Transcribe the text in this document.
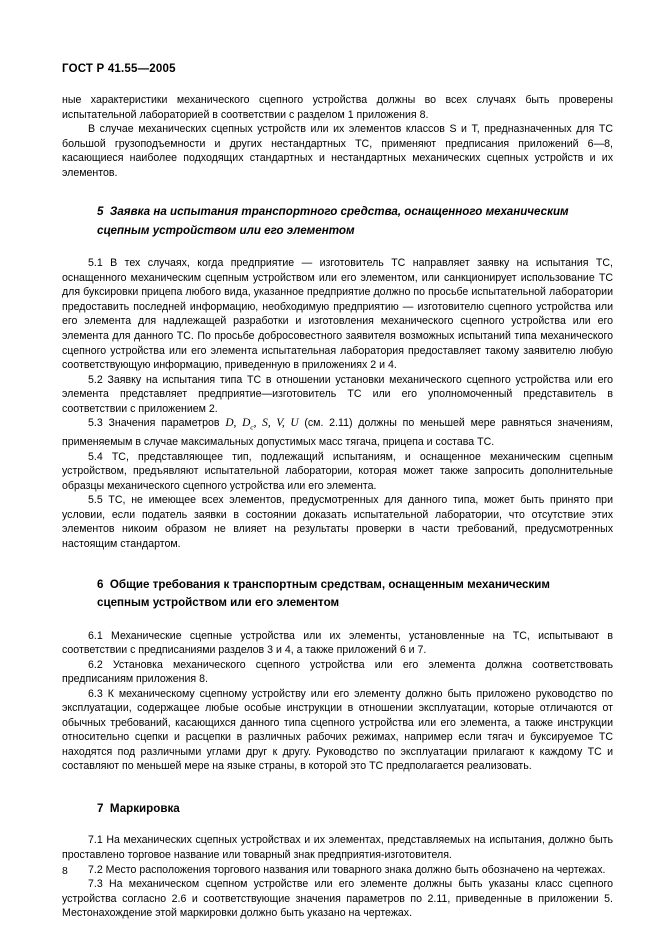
ГОСТ Р 41.55—2005

ные характеристики механического сцепного устройства должны во всех случаях быть проверены испытательной лабораторией в соответствии с разделом 1 приложения 8.

В случае механических сцепных устройств или их элементов классов S и Т, предназначенных для ТС большой грузоподъемности и других нестандартных ТС, применяют предписания приложений 6—8, касающиеся наиболее подходящих стандартных и нестандартных механических сцепных устройств и их элементов.

5 Заявка на испытания транспортного средства, оснащенного механическим сцепным устройством или его элементом

5.1 В тех случаях, когда предприятие — изготовитель ТС направляет заявку на испытания ТС, оснащенного механическим сцепным устройством или его элементом, или санкционирует использование ТС для буксировки прицепа любого вида, указанное предприятие должно по просьбе испытательной лаборатории предоставить последней информацию, необходимую предприятию — изготовителю сцепного устройства или его элемента для надлежащей разработки и изготовления механического сцепного устройства или его элемента для данного ТС. По просьбе добросовестного заявителя возможных испытаний типа механического сцепного устройства или его элемента испытательная лаборатория предоставляет такому заявителю любую соответствующую информацию, приведенную в приложениях 2 и 4.

5.2 Заявку на испытания типа ТС в отношении установки механического сцепного устройства или его элемента представляет предприятие—изготовитель ТС или его уполномоченный представитель в соответствии с приложением 2.

5.3 Значения параметров D, $D_c$, S, V, U (см. 2.11) должны по меньшей мере равняться значениям, применяемым в случае максимальных допустимых масс тягача, прицепа и состава ТС.

5.4 ТС, представляющее тип, подлежащий испытаниям, и оснащенное механическим сцепным устройством, предъявляют испытательной лаборатории, которая может также запросить дополнительные образцы механического сцепного устройства или его элемента.

5.5 ТС, не имеющее всех элементов, предусмотренных для данного типа, может быть принято при условии, если податель заявки в состоянии доказать испытательной лаборатории, что отсутствие этих элементов никоим образом не влияет на результаты проверки в части требований, предусмотренных настоящим стандартом.

6 Общие требования к транспортным средствам, оснащенным механическим сцепным устройством или его элементом

6.1 Механические сцепные устройства или их элементы, установленные на ТС, испытывают в соответствии с предписаниями разделов 3 и 4, а также приложений 6 и 7.

6.2 Установка механического сцепного устройства или его элемента должна соответствовать предписаниям приложения 8.

6.3 К механическому сцепному устройству или его элементу должно быть приложено руководство по эксплуатации, содержащее любые особые инструкции в отношении эксплуатации, которые отличаются от обычных требований, касающихся данного типа сцепного устройства или его элемента, а также инструкции относительно сцепки и расцепки в различных рабочих режимах, например если тягач и буксируемое ТС находятся под различными углами друг к другу. Руководство по эксплуатации прилагают к каждому ТС и составляют по меньшей мере на языке страны, в которой это ТС предполагается реализовать.

7 Маркировка

7.1 На механических сцепных устройствах и их элементах, представляемых на испытания, должно быть проставлено торговое название или товарный знак предприятия-изготовителя.

7.2 Место расположения торгового названия или товарного знака должно быть обозначено на чертежах.

7.3 На механическом сцепном устройстве или его элементе должны быть указаны класс сцепного устройства согласно 2.6 и соответствующие значения параметров по 2.11, приведенные в приложении 5. Местонахождение этой маркировки должно быть указано на чертежах.

8
